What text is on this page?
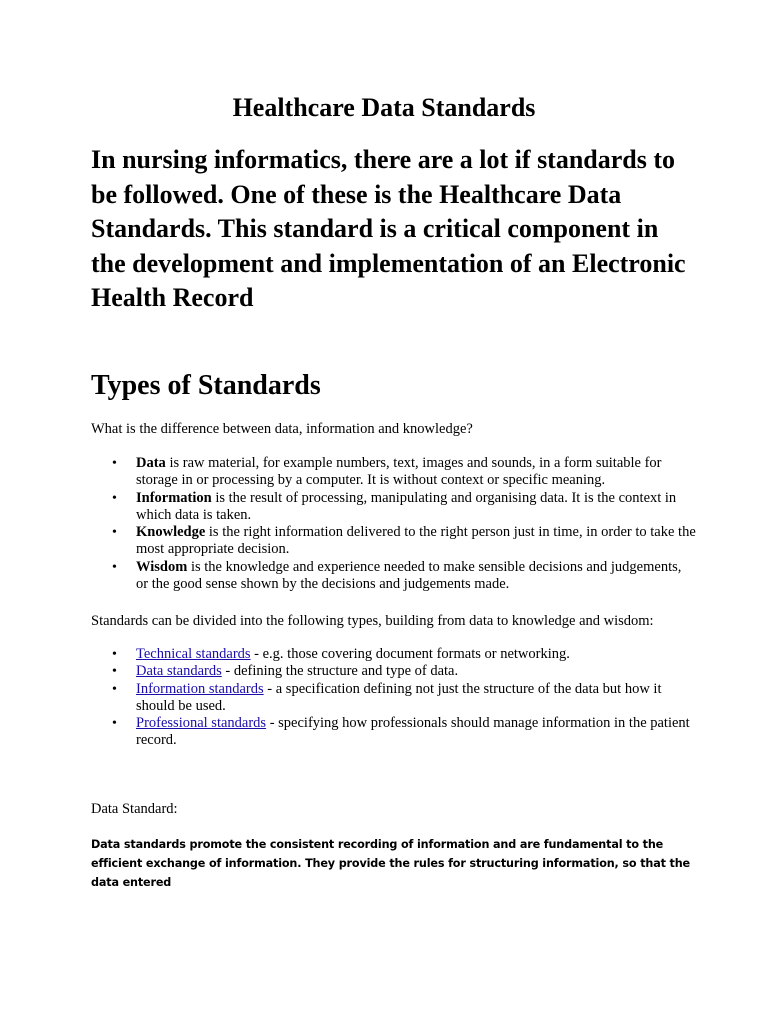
Healthcare Data Standards

In nursing informatics, there are a lot if standards to be followed. One of these is the Healthcare Data Standards. This standard is a critical component in the development and implementation of an Electronic Health Record

Types of Standards

What is the difference between data, information and knowledge?

• Data is raw material, for example numbers, text, images and sounds, in a form suitable for storage in or processing by a computer. It is without context or specific meaning.
• Information is the result of processing, manipulating and organising data. It is the context in which data is taken.
• Knowledge is the right information delivered to the right person just in time, in order to take the most appropriate decision.
• Wisdom is the knowledge and experience needed to make sensible decisions and judgements, or the good sense shown by the decisions and judgements made.

Standards can be divided into the following types, building from data to knowledge and wisdom:

• Technical standards - e.g. those covering document formats or networking.
• Data standards - defining the structure and type of data.
• Information standards - a specification defining not just the structure of the data but how it should be used.
• Professional standards - specifying how professionals should manage information in the patient record.

Data Standard:

Data standards promote the consistent recording of information and are fundamental to the efficient exchange of information. They provide the rules for structuring information, so that the data entered
